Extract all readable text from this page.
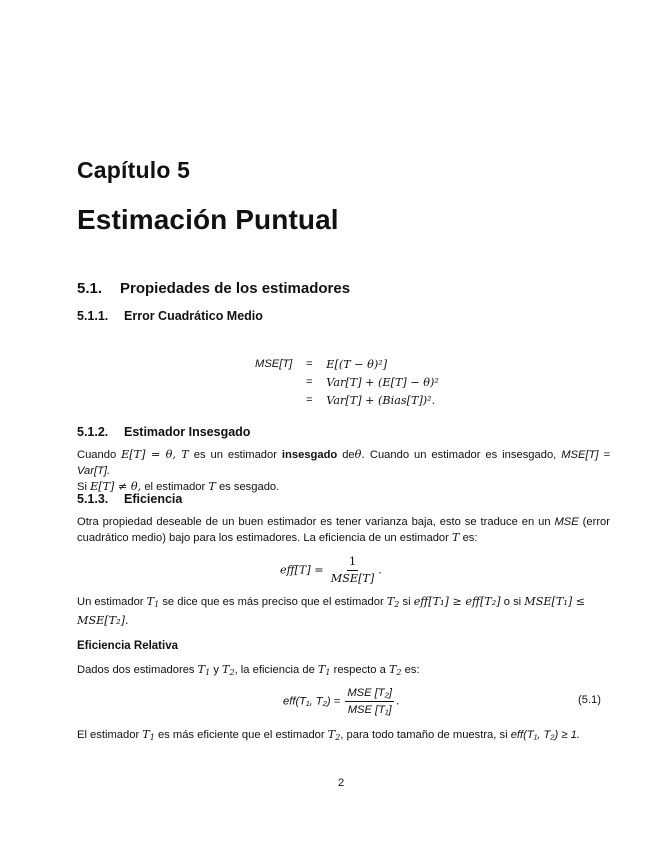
Capítulo 5
Estimación Puntual
5.1. Propiedades de los estimadores
5.1.1. Error Cuadrático Medio
MSE[T]	=	E[(T − θ)²]
	=	Var[T] + (E[T] − θ)²
	=	Var[T] + (Bias[T])².
5.1.2. Estimador Insesgado
Cuando E[T] = θ, T es un estimador insesgado deθ. Cuando un estimador es insesgado, MSE[T] = Var[T].
Si E[T] ≠ θ, el estimador T es sesgado.
5.1.3. Eficiencia
Otra propiedad deseable de un buen estimador es tener varianza baja, esto se traduce en un MSE (error cuadrático medio) bajo para los estimadores. La eficiencia de un estimador T es:
$eff[T] = \frac{1}{\text{MSE[T]}}$ .
Un estimador $T_1$ se dice que es más preciso que el estimador $T_2$ si eff[T₁] ≥ eff[T₂] o si MSE[T₁] ≤
MSE[T₂].
Eficiencia Relativa
Dados dos estimadores $T_1$ y $T_2$, la eficiencia de $T_1$ respecto a $T_2$ es:
eff(T₁, $T_2) = \frac{\text{MSE [T₂]}}{\text{MSE [T₁]}}$ .	(5.1)
El estimador $T_1$ es más eficiente que el estimador $T_2$, para todo tamaño de muestra, si eff(T₁, T₂) ≥ 1.
2
